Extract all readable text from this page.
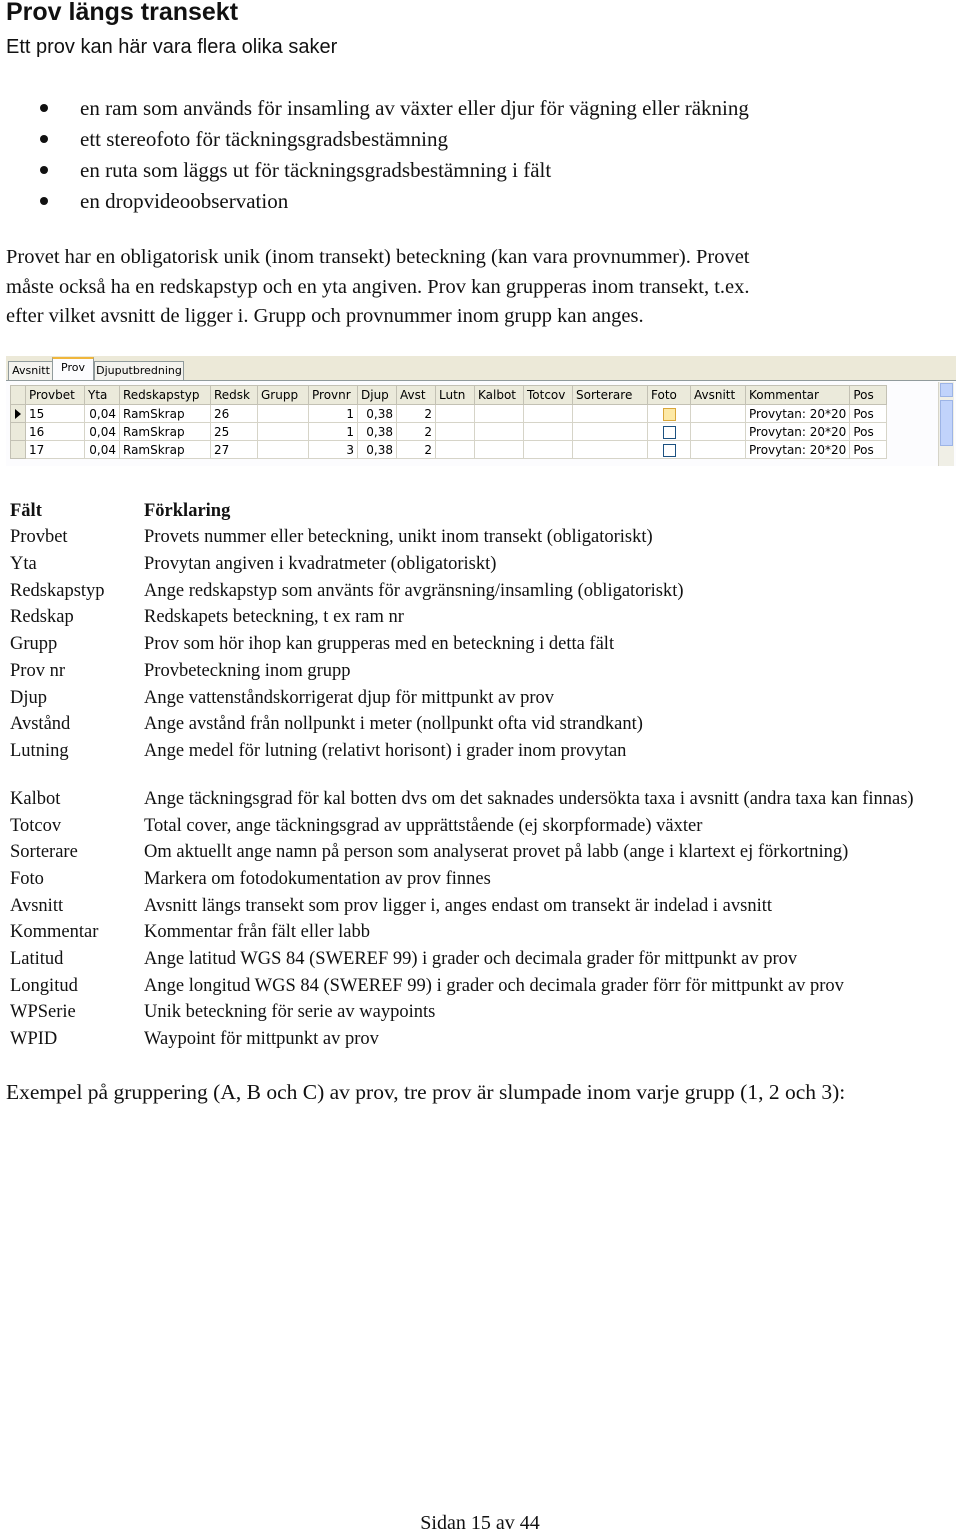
Prov längs transekt
Ett prov kan här vara flera olika saker
en ram som används för insamling av växter eller djur för vägning eller räkning
ett stereofoto för täckningsgradsbestämning
en ruta som läggs ut för täckningsgradsbestämning i fält
en dropvideoobservation
Provet har en obligatorisk unik (inom transekt) beteckning (kan vara provnummer). Provet
måste också ha en redskapstyp och en yta angiven. Prov kan grupperas inom transekt, t.ex.
efter vilket avsnitt de ligger i. Grupp och provnummer inom grupp kan anges.
Avsnitt	Prov	Djuputbredning
	Provbet	Yta	Redskapstyp	Redsk	Grupp	Provnr	Djup	Avst	Lutn	Kalbot	Totcov	Sorterare	Foto	Avsnitt	Kommentar	Pos
	15	0,04	RamSkrap	26		1	0,38	2							Provytan: 20*20	Pos
	16	0,04	RamSkrap	25		1	0,38	2							Provytan: 20*20	Pos
	17	0,04	RamSkrap	27		3	0,38	2							Provytan: 20*20	Pos
Fält	Förklaring
Provbet	Provets nummer eller beteckning, unikt inom transekt (obligatoriskt)
Yta	Provytan angiven i kvadratmeter (obligatoriskt)
Redskapstyp	Ange redskapstyp som använts för avgränsning/insamling (obligatoriskt)
Redskap	Redskapets beteckning, t ex ram nr
Grupp	Prov som hör ihop kan grupperas med en beteckning i detta fält
Prov nr	Provbeteckning inom grupp
Djup	Ange vattenståndskorrigerat djup för mittpunkt av prov
Avstånd	Ange avstånd från nollpunkt i meter (nollpunkt ofta vid strandkant)
Lutning	Ange medel för lutning (relativt horisont) i grader inom provytan
Kalbot	Ange täckningsgrad för kal botten dvs om det saknades undersökta taxa i avsnitt (andra taxa kan finnas)
Totcov	Total cover, ange täckningsgrad av upprättstående (ej skorpformade) växter
Sorterare	Om aktuellt ange namn på person som analyserat provet på labb (ange i klartext ej förkortning)
Foto	Markera om fotodokumentation av prov finnes
Avsnitt	Avsnitt längs transekt som prov ligger i, anges endast om transekt är indelad i avsnitt
Kommentar	Kommentar från fält eller labb
Latitud	Ange latitud WGS 84 (SWEREF 99) i grader och decimala grader för mittpunkt av prov
Longitud	Ange longitud WGS 84 (SWEREF 99) i grader och decimala grader förr för mittpunkt av prov
WPSerie	Unik beteckning för serie av waypoints
WPID	Waypoint för mittpunkt av prov
Exempel på gruppering (A, B och C) av prov, tre prov är slumpade inom varje grupp (1, 2 och 3):
Sidan 15 av 44
